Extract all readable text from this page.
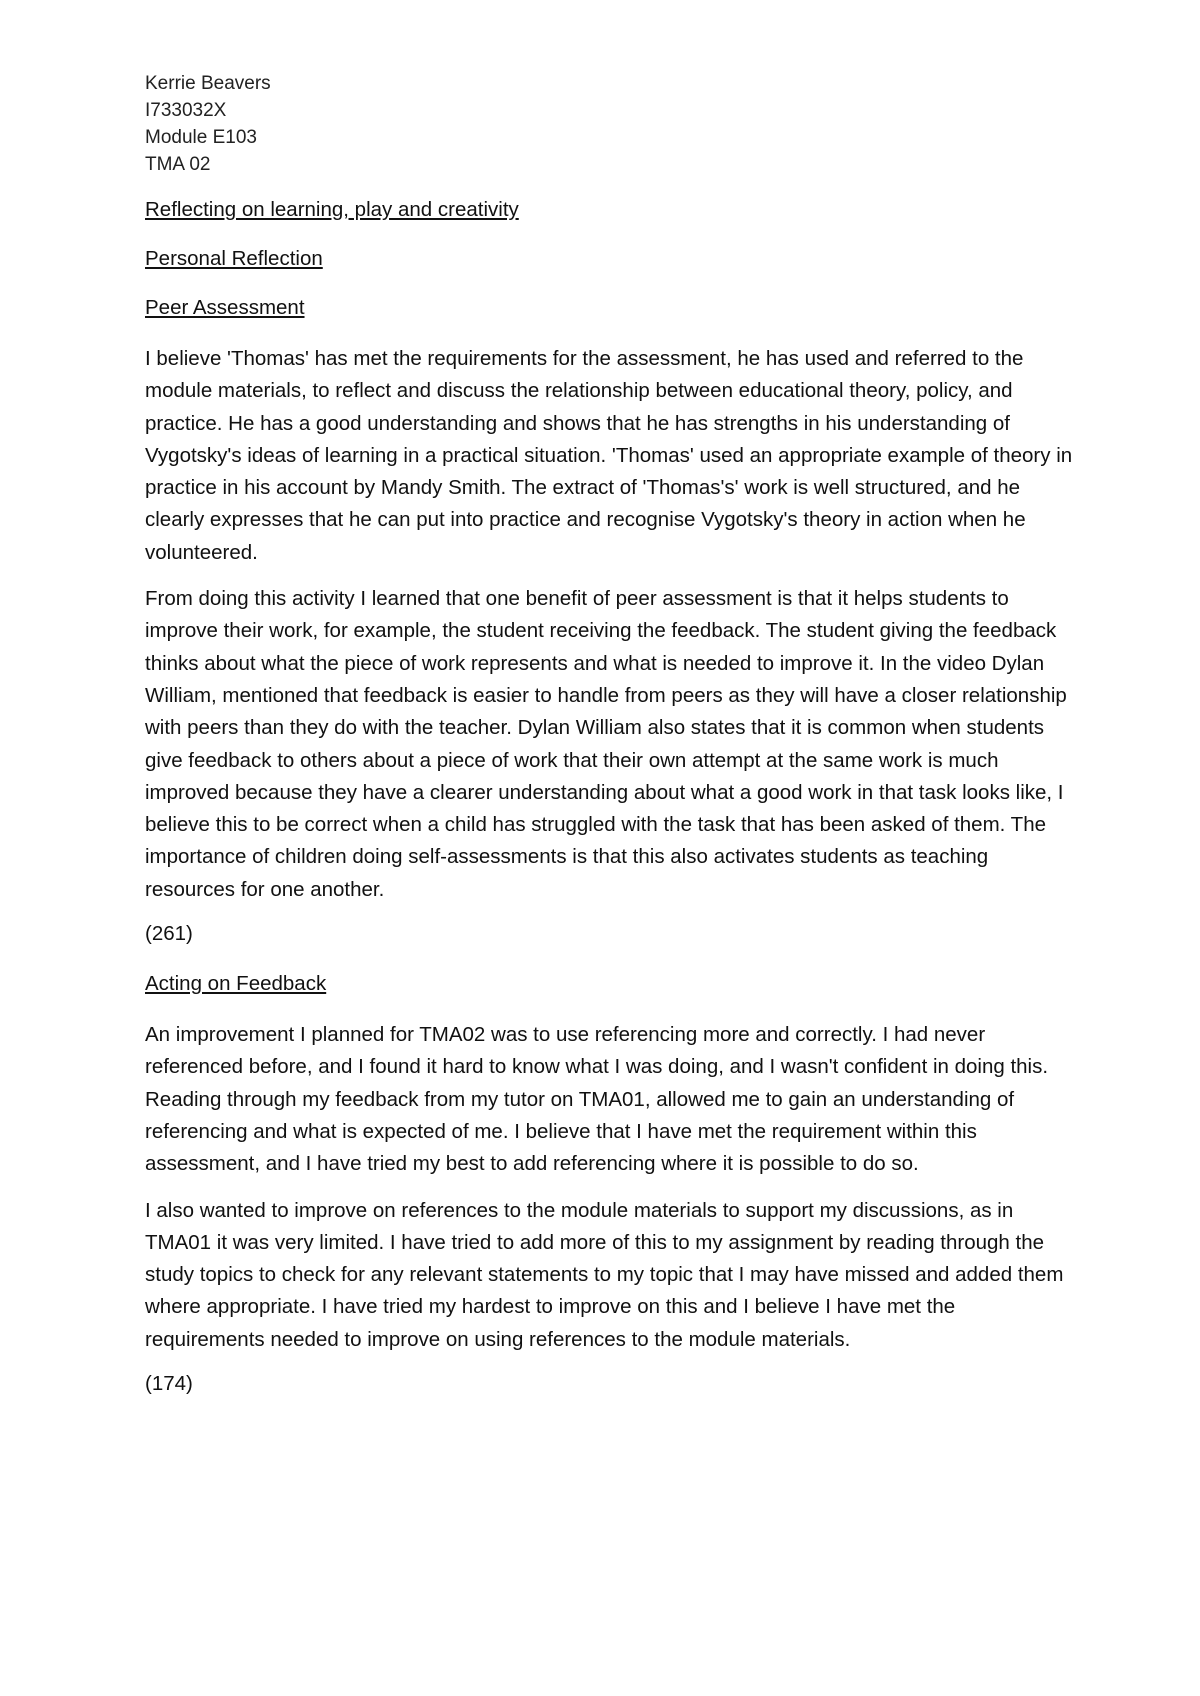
Kerrie Beavers

I733032X

Module E103

TMA 02

Reflecting on learning, play and creativity

Personal Reflection

Peer Assessment

I believe 'Thomas' has met the requirements for the assessment, he has used and referred to the module materials, to reflect and discuss the relationship between educational theory, policy, and practice. He has a good understanding and shows that he has strengths in his understanding of Vygotsky's ideas of learning in a practical situation. 'Thomas' used an appropriate example of theory in practice in his account by Mandy Smith. The extract of 'Thomas's' work is well structured, and he clearly expresses that he can put into practice and recognise Vygotsky's theory in action when he volunteered.

From doing this activity I learned that one benefit of peer assessment is that it helps students to improve their work, for example, the student receiving the feedback. The student giving the feedback thinks about what the piece of work represents and what is needed to improve it. In the video Dylan William, mentioned that feedback is easier to handle from peers as they will have a closer relationship with peers than they do with the teacher. Dylan William also states that it is common when students give feedback to others about a piece of work that their own attempt at the same work is much improved because they have a clearer understanding about what a good work in that task looks like, I believe this to be correct when a child has struggled with the task that has been asked of them. The importance of children doing self-assessments is that this also activates students as teaching resources for one another.

(261)

Acting on Feedback

An improvement I planned for TMA02 was to use referencing more and correctly. I had never referenced before, and I found it hard to know what I was doing, and I wasn't confident in doing this. Reading through my feedback from my tutor on TMA01, allowed me to gain an understanding of referencing and what is expected of me. I believe that I have met the requirement within this assessment, and I have tried my best to add referencing where it is possible to do so.

I also wanted to improve on references to the module materials to support my discussions, as in TMA01 it was very limited. I have tried to add more of this to my assignment by reading through the study topics to check for any relevant statements to my topic that I may have missed and added them where appropriate. I have tried my hardest to improve on this and I believe I have met the requirements needed to improve on using references to the module materials.

(174)
